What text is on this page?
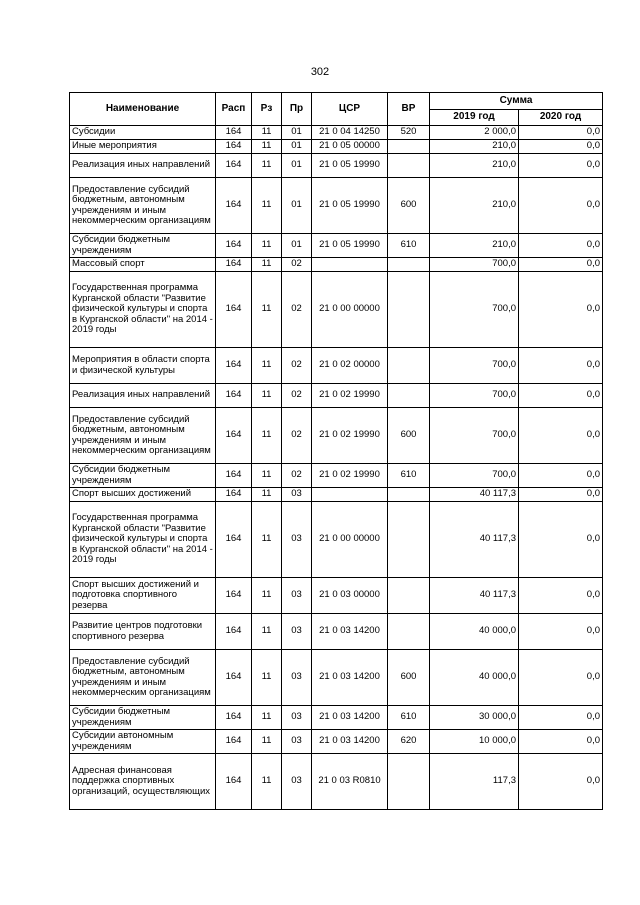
302
Наименование	Расп	Рз	Пр	ЦСР	ВР	Сумма	
						2019 год	2020 год
Субсидии	164	11	01	21 0 04 14250	520	2 000,0	0,0
Иные мероприятия	164	11	01	21 0 05 00000		210,0	0,0
Реализация иных направлений	164	11	01	21 0 05 19990		210,0	0,0
Предоставление субсидий бюджетным, автономным учреждениям и иным некоммерческим организациям	164	11	01	21 0 05 19990	600	210,0	0,0
Субсидии бюджетным учреждениям	164	11	01	21 0 05 19990	610	210,0	0,0
Массовый спорт	164	11	02			700,0	0,0
Государственная программа Курганской области "Развитие физической культуры и спорта в Курганской области" на 2014 - 2019 годы	164	11	02	21 0 00 00000		700,0	0,0
Мероприятия в области спорта и физической культуры	164	11	02	21 0 02 00000		700,0	0,0
Реализация иных направлений	164	11	02	21 0 02 19990		700,0	0,0
Предоставление субсидий бюджетным, автономным учреждениям и иным некоммерческим организациям	164	11	02	21 0 02 19990	600	700,0	0,0
Субсидии бюджетным учреждениям	164	11	02	21 0 02 19990	610	700,0	0,0
Спорт высших достижений	164	11	03			40 117,3	0,0
Государственная программа Курганской области "Развитие физической культуры и спорта в Курганской области" на 2014 - 2019 годы	164	11	03	21 0 00 00000		40 117,3	0,0
Спорт высших достижений и подготовка спортивного резерва	164	11	03	21 0 03 00000		40 117,3	0,0
Развитие центров подготовки спортивного резерва	164	11	03	21 0 03 14200		40 000,0	0,0
Предоставление субсидий бюджетным, автономным учреждениям и иным некоммерческим организациям	164	11	03	21 0 03 14200	600	40 000,0	0,0
Субсидии бюджетным учреждениям	164	11	03	21 0 03 14200	610	30 000,0	0,0
Субсидии автономным учреждениям	164	11	03	21 0 03 14200	620	10 000,0	0,0
Адресная финансовая поддержка спортивных организаций, осуществляющих	164	11	03	21 0 03 R0810		117,3	0,0
